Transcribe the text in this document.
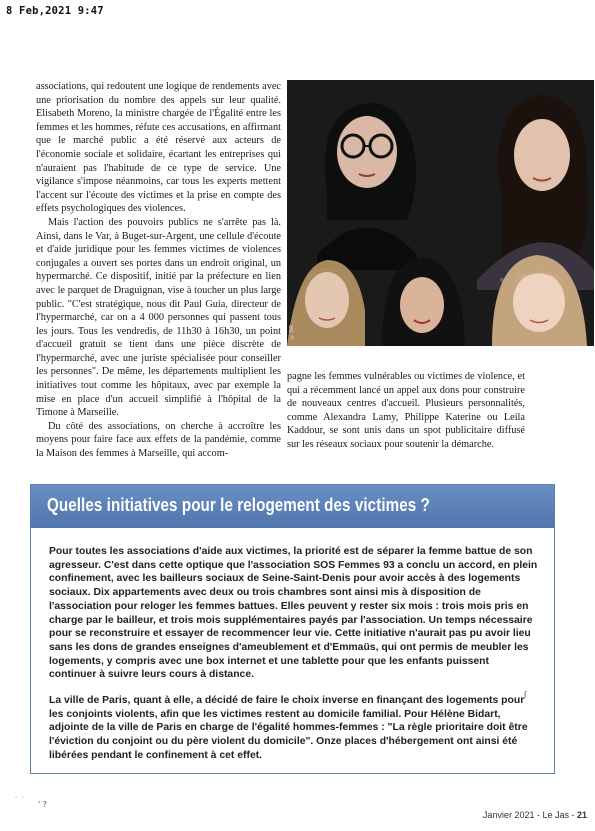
8 Feb,2021 9:47

associations, qui redoutent une logique de rendements avec une priorisation du nombre des appels sur leur qualité. Elisabeth Moreno, la ministre chargée de l'Égalité entre les femmes et les hommes, réfute ces accusations, en affirmant que le marché public a été réservé aux acteurs de l'économie sociale et solidaire, écartant les entreprises qui n'auraient pas l'habitude de ce type de service. Une vigilance s'impose néanmoins, car tous les experts mettent l'accent sur l'écoute des victimes et la prise en compte des effets psychologiques des violences.

Mais l'action des pouvoirs publics ne s'arrête pas là. Ainsi, dans le Var, à Buget-sur-Argent, une cellule d'écoute et d'aide juridique pour les femmes victimes de violences conjugales a ouvert ses portes dans un endroit original, un hypermarché. Ce dispositif, initié par la préfecture en lien avec le parquet de Draguignan, vise à toucher un plus large public. "C'est stratégique, nous dit Paul Guia, directeur de l'hypermarché, car on a 4 000 personnes qui passent tous les jours. Tous les vendredis, de 11h30 à 16h30, un point d'accueil gratuit se tient dans une pièce discrète de l'hypermarché, avec une juriste spécialisée pour conseiller les personnes". De même, les départements multiplient les initiatives tout comme les hôpitaux, avec par exemple la mise en place d'un accueil simplifié à l'hôpital de la Timone à Marseille.

Du côté des associations, on cherche à accroître les moyens pour faire face aux effets de la pandémie, comme la Maison des femmes à Marseille, qui accom-

© DR

pagne les femmes vulnérables ou victimes de violence, et qui a récemment lancé un appel aux dons pour construire de nouveaux centres d'accueil. Plusieurs personnalités, comme Alexandra Lamy, Philippe Katerine ou Leila Kaddour, se sont unis dans un spot publicitaire diffusé sur les réseaux sociaux pour soutenir la démarche.

Quelles initiatives pour le relogement des victimes ?

Pour toutes les associations d'aide aux victimes, la priorité est de séparer la femme battue de son agresseur. C'est dans cette optique que l'association SOS Femmes 93 a conclu un accord, en plein confinement, avec les bailleurs sociaux de Seine-Saint-Denis pour avoir accès à des logements sociaux. Dix appartements avec deux ou trois chambres sont ainsi mis à disposition de l'association pour reloger les femmes battues. Elles peuvent y rester six mois : trois mois pris en charge par le bailleur, et trois mois supplémentaires payés par l'association. Un temps nécessaire pour se reconstruire et essayer de recommencer leur vie. Cette initiative n'aurait pas pu avoir lieu sans les dons de grandes enseignes d'ameublement et d'Emmaüs, qui ont permis de meubler les logements, y compris avec une box internet et une tablette pour que les enfants puissent continuer à suivre leurs cours à distance.

La ville de Paris, quant à elle, a décidé de faire le choix inverse en finançant des logements pour les conjoints violents, afin que les victimes restent au domicile familial. Pour Hélène Bidart, adjointe de la ville de Paris en charge de l'égalité hommes-femmes : "La règle prioritaire doit être l'éviction du conjoint ou du père violent du domicile". Onze places d'hébergement ont ainsi été libérées pendant le confinement à cet effet.

˙ ˙ ' ?
ʃ
Janvier 2021 - Le Jas - 21
